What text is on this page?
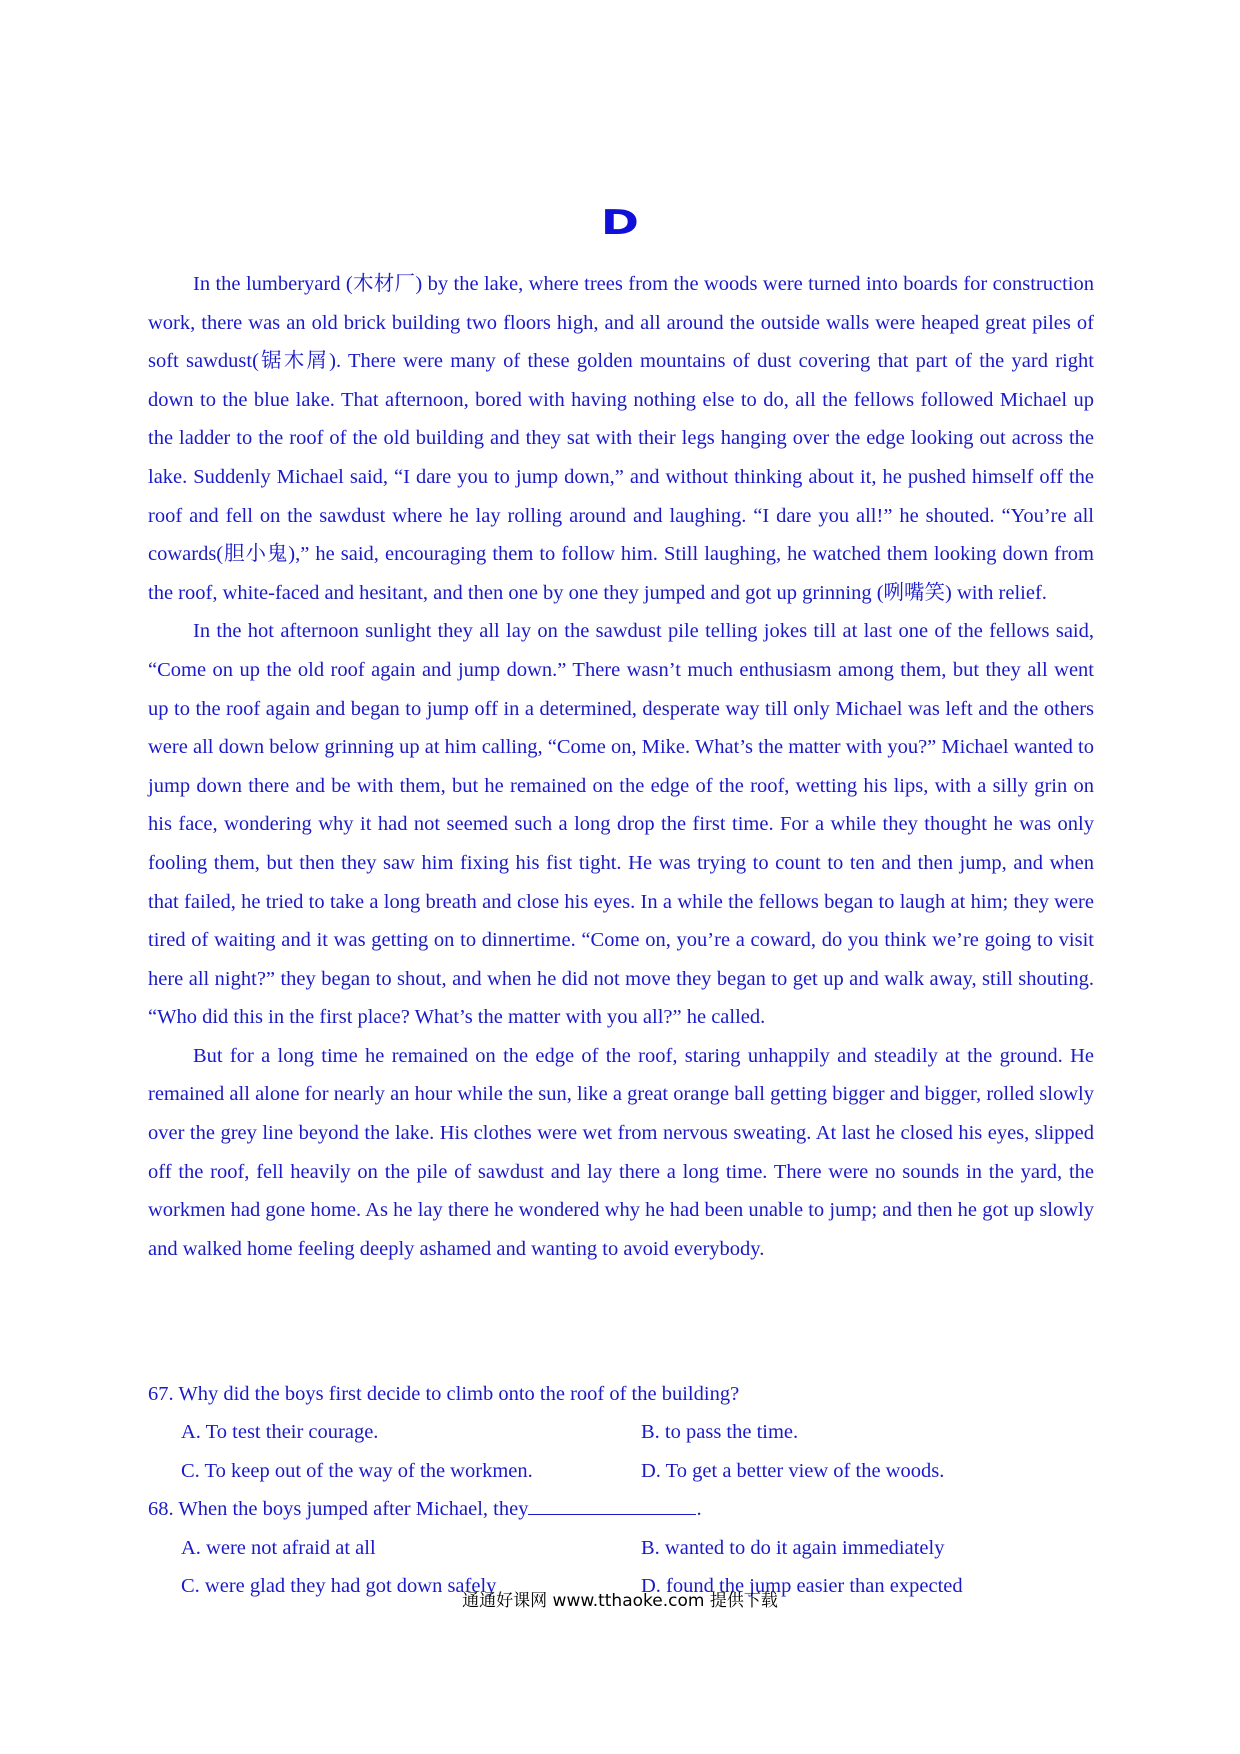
D

In the lumberyard (木材厂) by the lake, where trees from the woods were turned into boards for construction work, there was an old brick building two floors high, and all around the outside walls were heaped great piles of soft sawdust(锯木屑). There were many of these golden mountains of dust covering that part of the yard right down to the blue lake. That afternoon, bored with having nothing else to do, all the fellows followed Michael up the ladder to the roof of the old building and they sat with their legs hanging over the edge looking out across the lake. Suddenly Michael said, “I dare you to jump down,” and without thinking about it, he pushed himself off the roof and fell on the sawdust where he lay rolling around and laughing. “I dare you all!” he shouted. “You’re all cowards(胆小鬼),” he said, encouraging them to follow him. Still laughing, he watched them looking down from the roof, white-faced and hesitant, and then one by one they jumped and got up grinning (咧嘴笑) with relief.

In the hot afternoon sunlight they all lay on the sawdust pile telling jokes till at last one of the fellows said, “Come on up the old roof again and jump down.” There wasn’t much enthusiasm among them, but they all went up to the roof again and began to jump off in a determined, desperate way till only Michael was left and the others were all down below grinning up at him calling, “Come on, Mike. What’s the matter with you?” Michael wanted to jump down there and be with them, but he remained on the edge of the roof, wetting his lips, with a silly grin on his face, wondering why it had not seemed such a long drop the first time. For a while they thought he was only fooling them, but then they saw him fixing his fist tight. He was trying to count to ten and then jump, and when that failed, he tried to take a long breath and close his eyes. In a while the fellows began to laugh at him; they were tired of waiting and it was getting on to dinnertime. “Come on, you’re a coward, do you think we’re going to visit here all night?” they began to shout, and when he did not move they began to get up and walk away, still shouting. “Who did this in the first place? What’s the matter with you all?” he called.

But for a long time he remained on the edge of the roof, staring unhappily and steadily at the ground. He remained all alone for nearly an hour while the sun, like a great orange ball getting bigger and bigger, rolled slowly over the grey line beyond the lake. His clothes were wet from nervous sweating. At last he closed his eyes, slipped off the roof, fell heavily on the pile of sawdust and lay there a long time. There were no sounds in the yard, the workmen had gone home. As he lay there he wondered why he had been unable to jump; and then he got up slowly and walked home feeling deeply ashamed and wanting to avoid everybody.

67. Why did the boys first decide to climb onto the roof of the building?

A. To test their courage.	B. to pass the time.
C. To keep out of the way of the workmen.	D. To get a better view of the woods.

68. When the boys jumped after Michael, they	.

A. were not afraid at all	B. wanted to do it again immediately
C. were glad they had got down safely	D. found the jump easier than expected
通通好课网 www.tthaoke.com 提供下载
